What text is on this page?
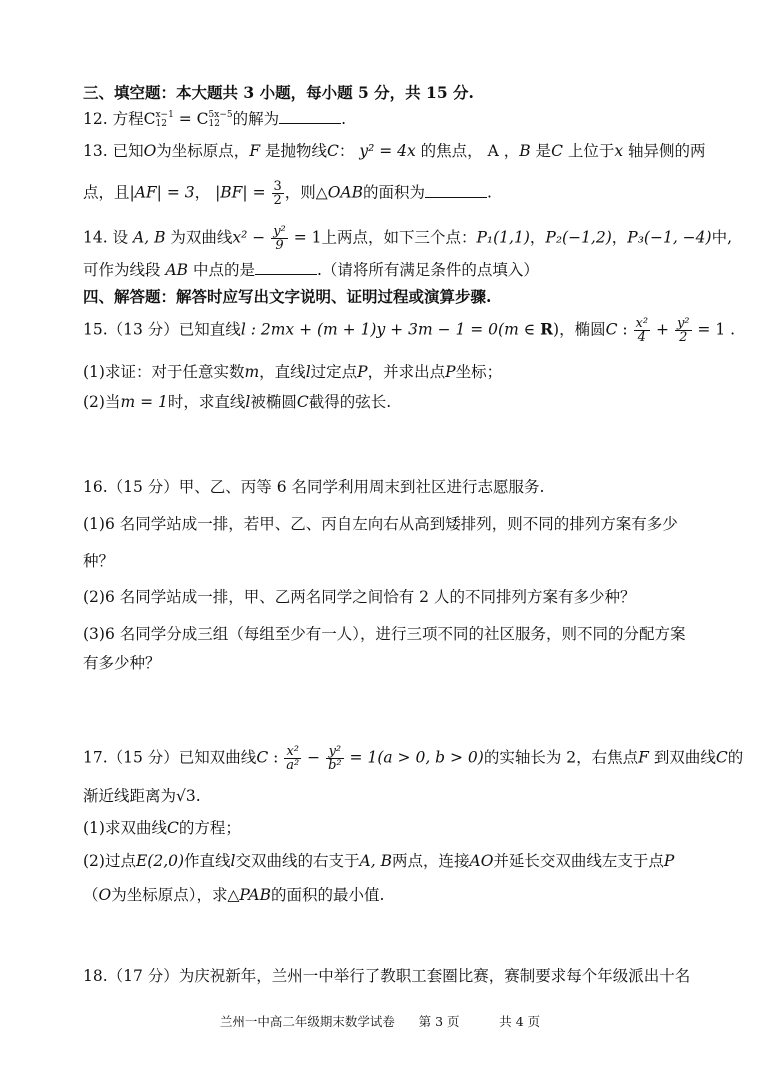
三、填空题：本大题共 3 小题，每小题 5 分，共 15 分.
12. 方程C x−1
12 = C 5x−5
12 的解为	.
13. 已知O为坐标原点，F 是抛物线C： y² = 4x 的焦点， A ，B 是C 上位于x 轴异侧的两
点，且|AF| = 3， $|BF| = \frac{3}{2}$ ，则△OAB的面积为	.
14. 设 A, B 为双曲线$x^2 - \frac{\text{y²}}{9} = 1$上两点，如下三个点：P₁(1,1)，P₂(−1,2)，P₃(−1, −4)中,
可作为线段 AB 中点的是	.（请将所有满足条件的点填入）
四、解答题：解答时应写出文字说明、证明过程或演算步骤.
15.（13 分）已知直线l : 2mx + (m + 1)y + 3m − 1 = 0(m ∈ R)，椭圆C : $\frac{\text{x²}}{4} + \frac{\text{y²}}{2} = 1$ .
(1)求证：对于任意实数m，直线l过定点P，并求出点P坐标；
(2)当m = 1时，求直线l被椭圆C截得的弦长.
16.（15 分）甲、乙、丙等 6 名同学利用周末到社区进行志愿服务.
(1)6 名同学站成一排，若甲、乙、丙自左向右从高到矮排列，则不同的排列方案有多少
种？
(2)6 名同学站成一排，甲、乙两名同学之间恰有 2 人的不同排列方案有多少种？
(3)6 名同学分成三组（每组至少有一人），进行三项不同的社区服务，则不同的分配方案
有多少种？
17.（15 分）已知双曲线C : $\frac{\text{x²}}{\text{a²}} - \frac{\text{y²}}{\text{b²}} = 1(a > 0$, b > 0)的实轴长为 2，右焦点F 到双曲线C的
渐近线距离为√3.
(1)求双曲线C的方程；
(2)过点E(2,0)作直线l交双曲线的右支于A, B两点，连接AO并延长交双曲线左支于点P
（O为坐标原点），求△PAB的面积的最小值.
18.（17 分）为庆祝新年，兰州一中举行了教职工套圈比赛，赛制要求每个年级派出十名
兰州一中高二年级期末数学试卷      第 3 页          共 4 页
